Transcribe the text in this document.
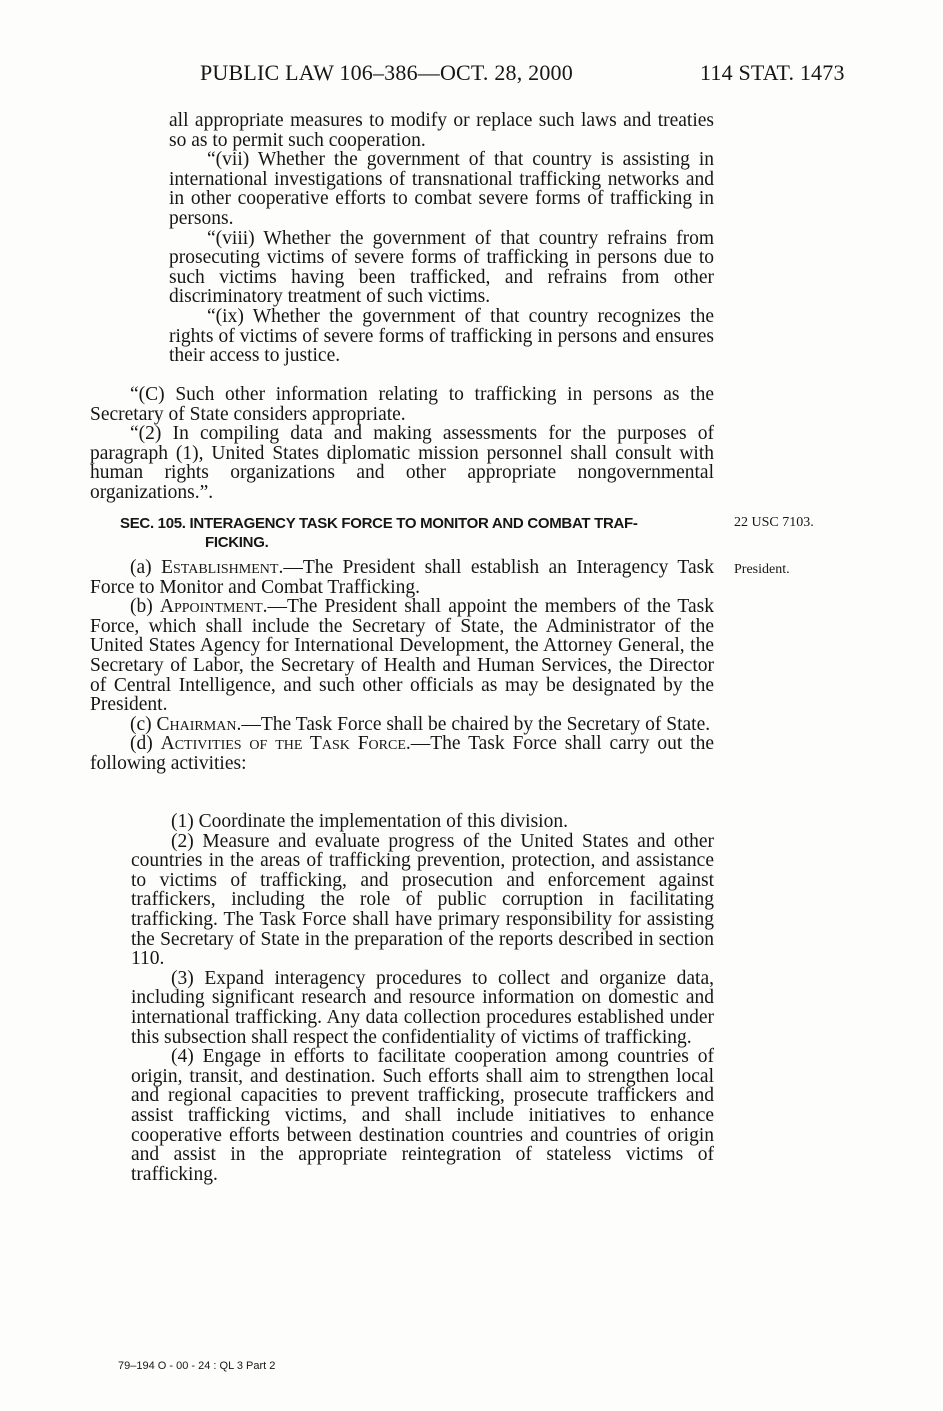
PUBLIC LAW 106–386—OCT. 28, 2000	114 STAT. 1473

all appropriate measures to modify or replace such laws and treaties so as to permit such cooperation.

“(vii) Whether the government of that country is assisting in international investigations of transnational trafficking networks and in other cooperative efforts to combat severe forms of trafficking in persons.

“(viii) Whether the government of that country refrains from prosecuting victims of severe forms of trafficking in persons due to such victims having been trafficked, and refrains from other discriminatory treatment of such victims.

“(ix) Whether the government of that country recognizes the rights of victims of severe forms of trafficking in persons and ensures their access to justice.

“(C) Such other information relating to trafficking in persons as the Secretary of State considers appropriate.

“(2) In compiling data and making assessments for the purposes of paragraph (1), United States diplomatic mission personnel shall consult with human rights organizations and other appropriate nongovernmental organizations.”.

SEC. 105. INTERAGENCY TASK FORCE TO MONITOR AND COMBAT TRAF-
FICKING.
22 USC 7103.
President.

(a) Establishment.—The President shall establish an Interagency Task Force to Monitor and Combat Trafficking.

(b) Appointment.—The President shall appoint the members of the Task Force, which shall include the Secretary of State, the Administrator of the United States Agency for International Development, the Attorney General, the Secretary of Labor, the Secretary of Health and Human Services, the Director of Central Intelligence, and such other officials as may be designated by the President.

(c) Chairman.—The Task Force shall be chaired by the Secretary of State.

(d) Activities of the Task Force.—The Task Force shall carry out the following activities:

(1) Coordinate the implementation of this division.

(2) Measure and evaluate progress of the United States and other countries in the areas of trafficking prevention, protection, and assistance to victims of trafficking, and prosecution and enforcement against traffickers, including the role of public corruption in facilitating trafficking. The Task Force shall have primary responsibility for assisting the Secretary of State in the preparation of the reports described in section 110.

(3) Expand interagency procedures to collect and organize data, including significant research and resource information on domestic and international trafficking. Any data collection procedures established under this subsection shall respect the confidentiality of victims of trafficking.

(4) Engage in efforts to facilitate cooperation among countries of origin, transit, and destination. Such efforts shall aim to strengthen local and regional capacities to prevent trafficking, prosecute traffickers and assist trafficking victims, and shall include initiatives to enhance cooperative efforts between destination countries and countries of origin and assist in the appropriate reintegration of stateless victims of trafficking.

79–194 O - 00 - 24 : QL 3 Part 2
